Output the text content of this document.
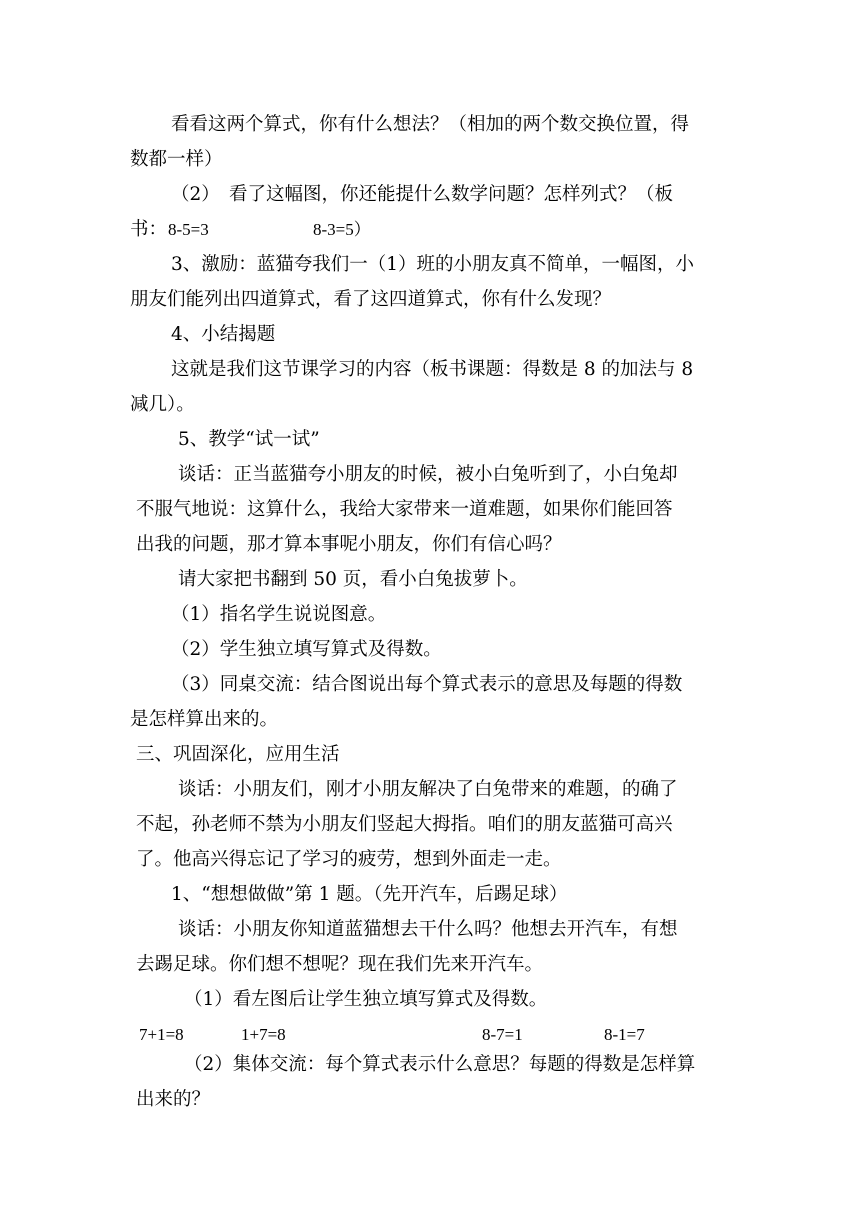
看看这两个算式，你有什么想法？（相加的两个数交换位置，得
数都一样）
（2）　看了这幅图，你还能提什么数学问题？怎样列式？（板
书： 8-5=3	8-3=5）
3、激励：蓝猫夸我们一（1）班的小朋友真不简单，一幅图，小
朋友们能列出四道算式，看了这四道算式，你有什么发现？
4、小结揭题
这就是我们这节课学习的内容（板书课题：得数是 8 的加法与 8
减几）。
5、教学“试一试”
谈话：正当蓝猫夸小朋友的时候，被小白兔听到了，小白兔却
不服气地说：这算什么，我给大家带来一道难题，如果你们能回答
出我的问题，那才算本事呢小朋友，你们有信心吗？
请大家把书翻到 50 页，看小白兔拔萝卜。
（1）指名学生说说图意。
（2）学生独立填写算式及得数。
（3）同桌交流：结合图说出每个算式表示的意思及每题的得数
是怎样算出来的。
三、巩固深化，应用生活
谈话：小朋友们，刚才小朋友解决了白兔带来的难题，的确了
不起，孙老师不禁为小朋友们竖起大拇指。咱们的朋友蓝猫可高兴
了。他高兴得忘记了学习的疲劳，想到外面走一走。
1、“想想做做”第 1 题。（先开汽车，后踢足球）
谈话：小朋友你知道蓝猫想去干什么吗？他想去开汽车，有想
去踢足球。你们想不想呢？现在我们先来开汽车。
（1）看左图后让学生独立填写算式及得数。
7+1=8	1+7=8	8-7=1	8-1=7
（2）集体交流：每个算式表示什么意思？每题的得数是怎样算
出来的？
